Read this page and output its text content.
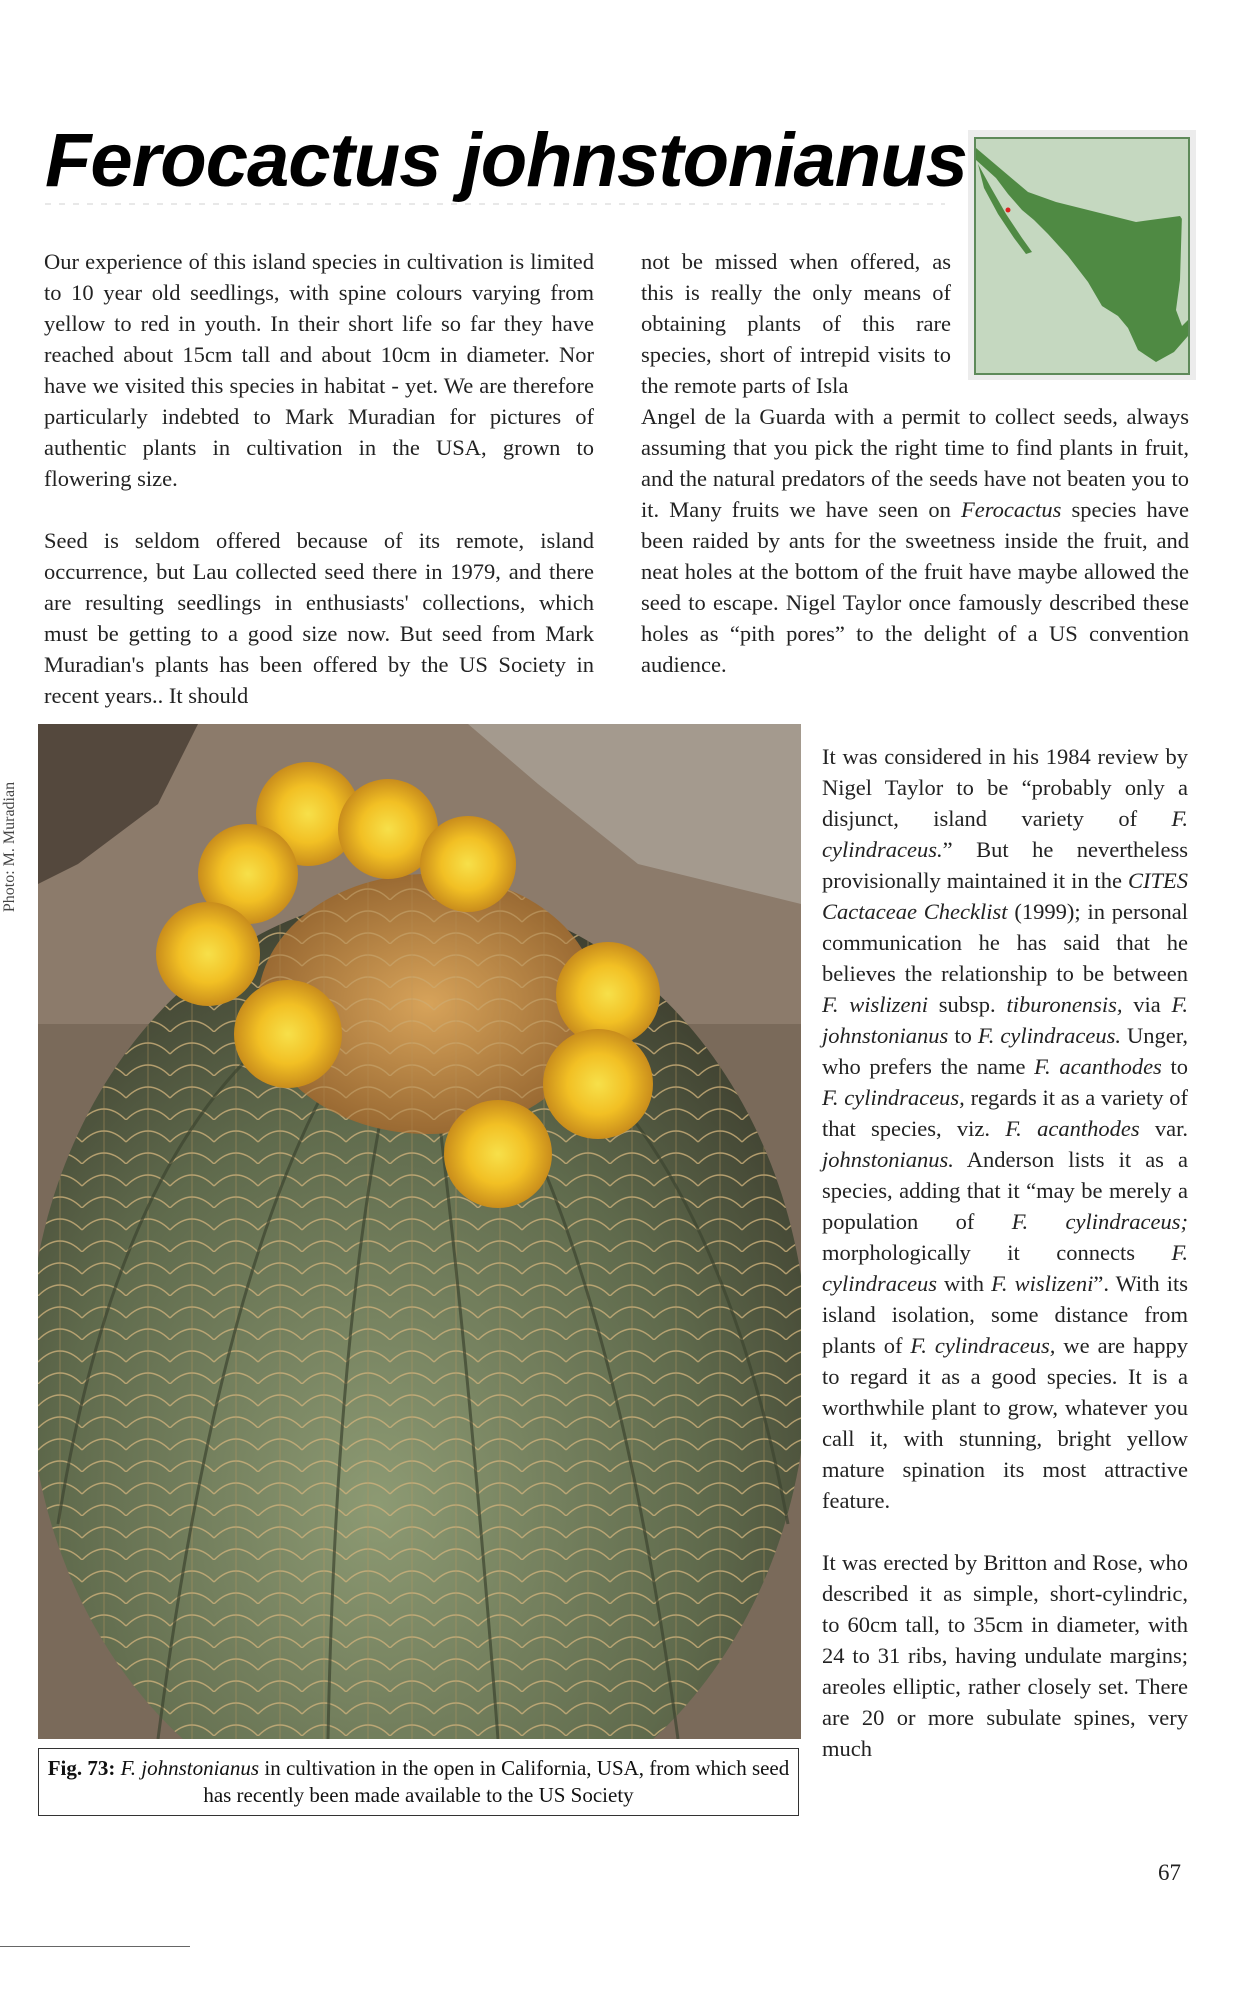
Ferocactus johnstonianus

Our experience of this island species in cultivation is limited to 10 year old seedlings, with spine colours varying from yellow to red in youth. In their short life so far they have reached about 15cm tall and about 10cm in diameter. Nor have we visited this species in habitat - yet. We are therefore particularly indebted to Mark Muradian for pictures of authentic plants in cultivation in the USA, grown to flowering size.

Seed is seldom offered because of its remote, island occurrence, but Lau collected seed there in 1979, and there are resulting seedlings in enthusiasts' collections, which must be getting to a good size now. But seed from Mark Muradian's plants has been offered by the US Society in recent years.. It should

not be missed when offered, as this is really the only means of obtaining plants of this rare species, short of intrepid visits to the remote parts of Isla
Angel de la Guarda with a permit to collect seeds, always assuming that you pick the right time to find plants in fruit, and the natural predators of the seeds have not beaten you to it. Many fruits we have seen on Ferocactus species have been raided by ants for the sweetness inside the fruit, and neat holes at the bottom of the fruit have maybe allowed the seed to escape. Nigel Taylor once famously described these holes as “pith pores” to the delight of a US convention audience.
Photo: M. Muradian
Fig. 73: F. johnstonianus in cultivation in the open in California, USA, from which seed has recently been made available to the US Society

It was considered in his 1984 review by Nigel Taylor to be “probably only a disjunct, island variety of F. cylindraceus.” But he nevertheless provisionally maintained it in the CITES Cactaceae Checklist (1999); in personal communication he has said that he believes the relationship to be between F. wislizeni subsp. tiburonensis, via F. johnstonianus to F. cylindraceus. Unger, who prefers the name F. acanthodes to F. cylindraceus, regards it as a variety of that species, viz. F. acanthodes var. johnstonianus. Anderson lists it as a species, adding that it “may be merely a population of F. cylindraceus; morphologically it connects F. cylindraceus with F. wislizeni”. With its island isolation, some distance from plants of F. cylindraceus, we are happy to regard it as a good species. It is a worthwhile plant to grow, whatever you call it, with stunning, bright yellow mature spination its most attractive feature.

It was erected by Britton and Rose, who described it as simple, short-cylindric, to 60cm tall, to 35cm in diameter, with 24 to 31 ribs, having undulate margins; areoles elliptic, rather closely set. There are 20 or more subulate spines, very much

67
